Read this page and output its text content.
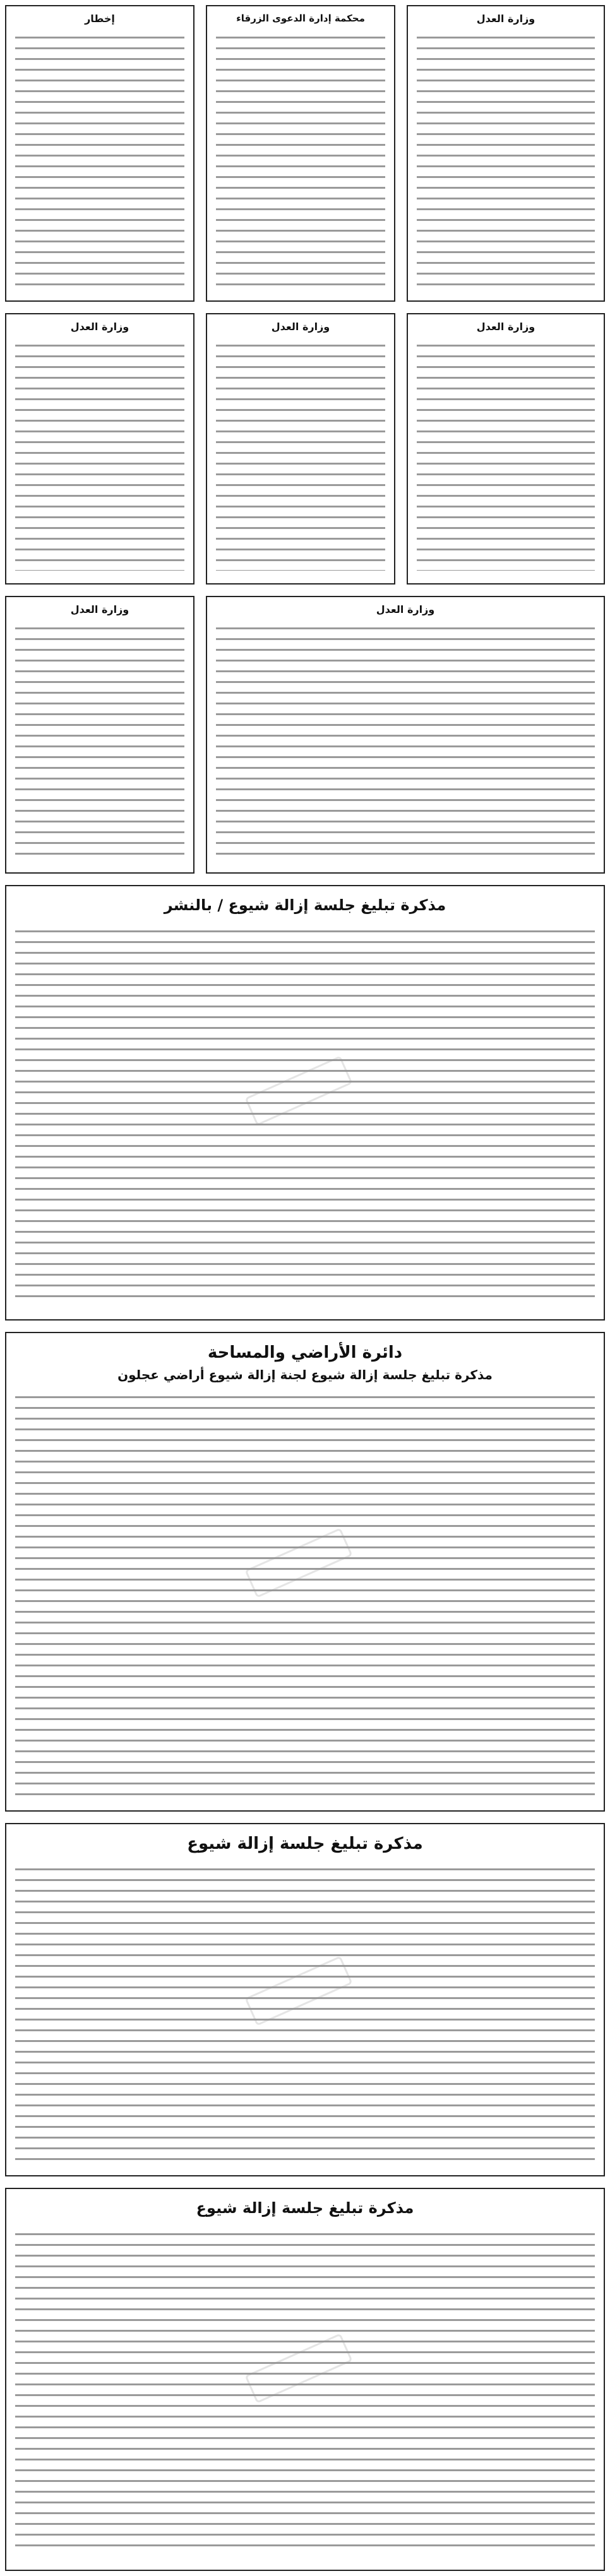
إخطار	محكمة إدارة الدعوى الزرقاء	وزارة العدل
وزارة العدل	وزارة العدل	وزارة العدل
وزارة العدل	وزارة العدل
مذكرة تبليغ جلسة إزالة شيوع / بالنشر
دائرة الأراضي والمساحة
مذكرة تبليغ جلسة إزالة شيوع لجنة إزالة شيوع أراضي عجلون
مذكرة تبليغ جلسة إزالة شيوع
مذكرة تبليغ جلسة إزالة شيوع
